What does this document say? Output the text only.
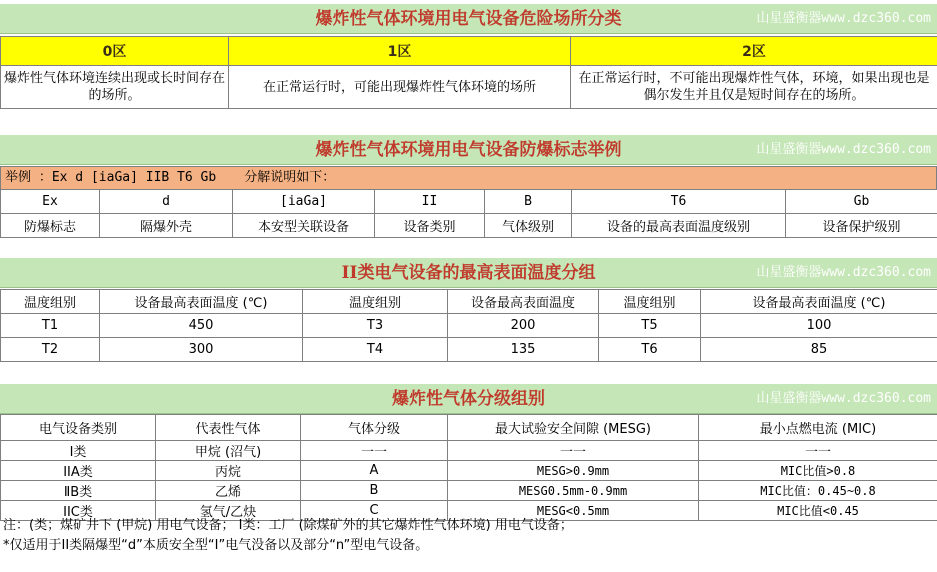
爆炸性气体环境用电气设备危险场所分类	山星盛衡器www.dzc360.com
0区	1区	2区
爆炸性气体环境连续出现或长时间存在的场所。	在正常运行时，可能出现爆炸性气体环境的场所	在正常运行时，不可能出现爆炸性气体，环境，如果出现也是偶尔发生并且仅是短时间存在的场所。
爆炸性气体环境用电气设备防爆标志举例	山星盛衡器www.dzc360.com
举例 ：Ex d [iaGa] IIB T6 Gb 分解说明如下：
Ex	d	[iaGa]	II	B	T6	Gb
防爆标志	隔爆外壳	本安型关联设备	设备类别	气体级别	设备的最高表面温度级别	设备保护级别
II类电气设备的最高表面温度分组	山星盛衡器www.dzc360.com
温度组别	设备最高表面温度 (℃)	温度组别	设备最高表面温度	温度组别	设备最高表面温度 (℃)
T1	450	T3	200	T5	100
T2	300	T4	135	T6	85
爆炸性气体分级组别	山星盛衡器www.dzc360.com
电气设备类别	代表性气体	气体分级	最大试验安全间隙 (MESG)	最小点燃电流 (MIC)
I类	甲烷 (沼气)	一一	一一	一一
IIA类	丙烷	A	MESG>0.9mm	MIC比值>0.8
ⅡB类	乙烯	B	MESG0.5mm-0.9mm	MIC比值：0.45~0.8
IIC类	氢气/乙炔	C	MESG<0.5mm	MIC比值<0.45
注：(类；煤矿井下 (甲烷) 用电气设备； I类：工厂 (除煤矿外的其它爆炸性气体环境) 用电气设备；
*仅适用于II类隔爆型“d”本质安全型“I”电气没备以及部分“n”型电气设备。
